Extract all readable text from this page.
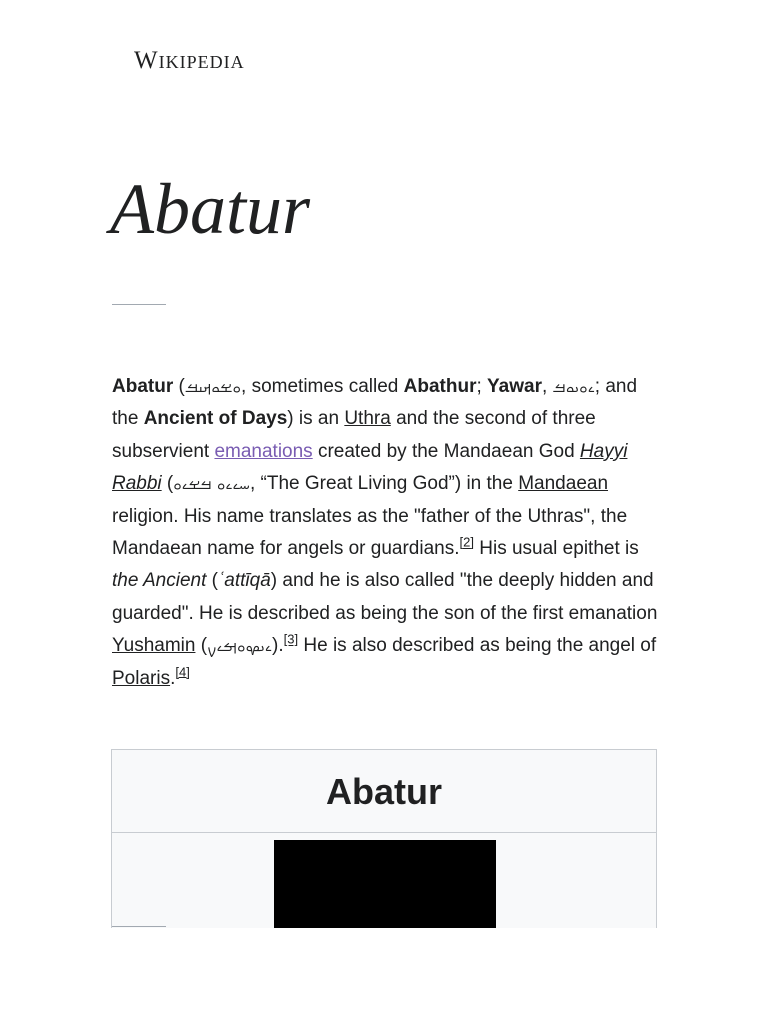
Wikipedia
Abatur

Abatur (ࡀࡁࡀࡕࡅࡓ, sometimes called Abathur; Yawar, ࡉࡀࡅࡀࡓ; and the Ancient of Days) is an Uthra and the second of three subservient emanations created by the Mandaean God Hayyi Rabbi (ࡄࡉࡉࡀ ࡓࡁࡉࡀ, “The Great Living God”) in the Mandaean religion. His name translates as the "father of the Uthras", the Mandaean name for angels or guardians.[2] His usual epithet is the Ancient (ʿattīqā) and he is also called "the deeply hidden and guarded". He is described as being the son of the first emanation Yushamin (ࡉࡅࡔࡀࡌࡉࡍ).[3] He is also described as being the angel of Polaris.[4]

Abatur
